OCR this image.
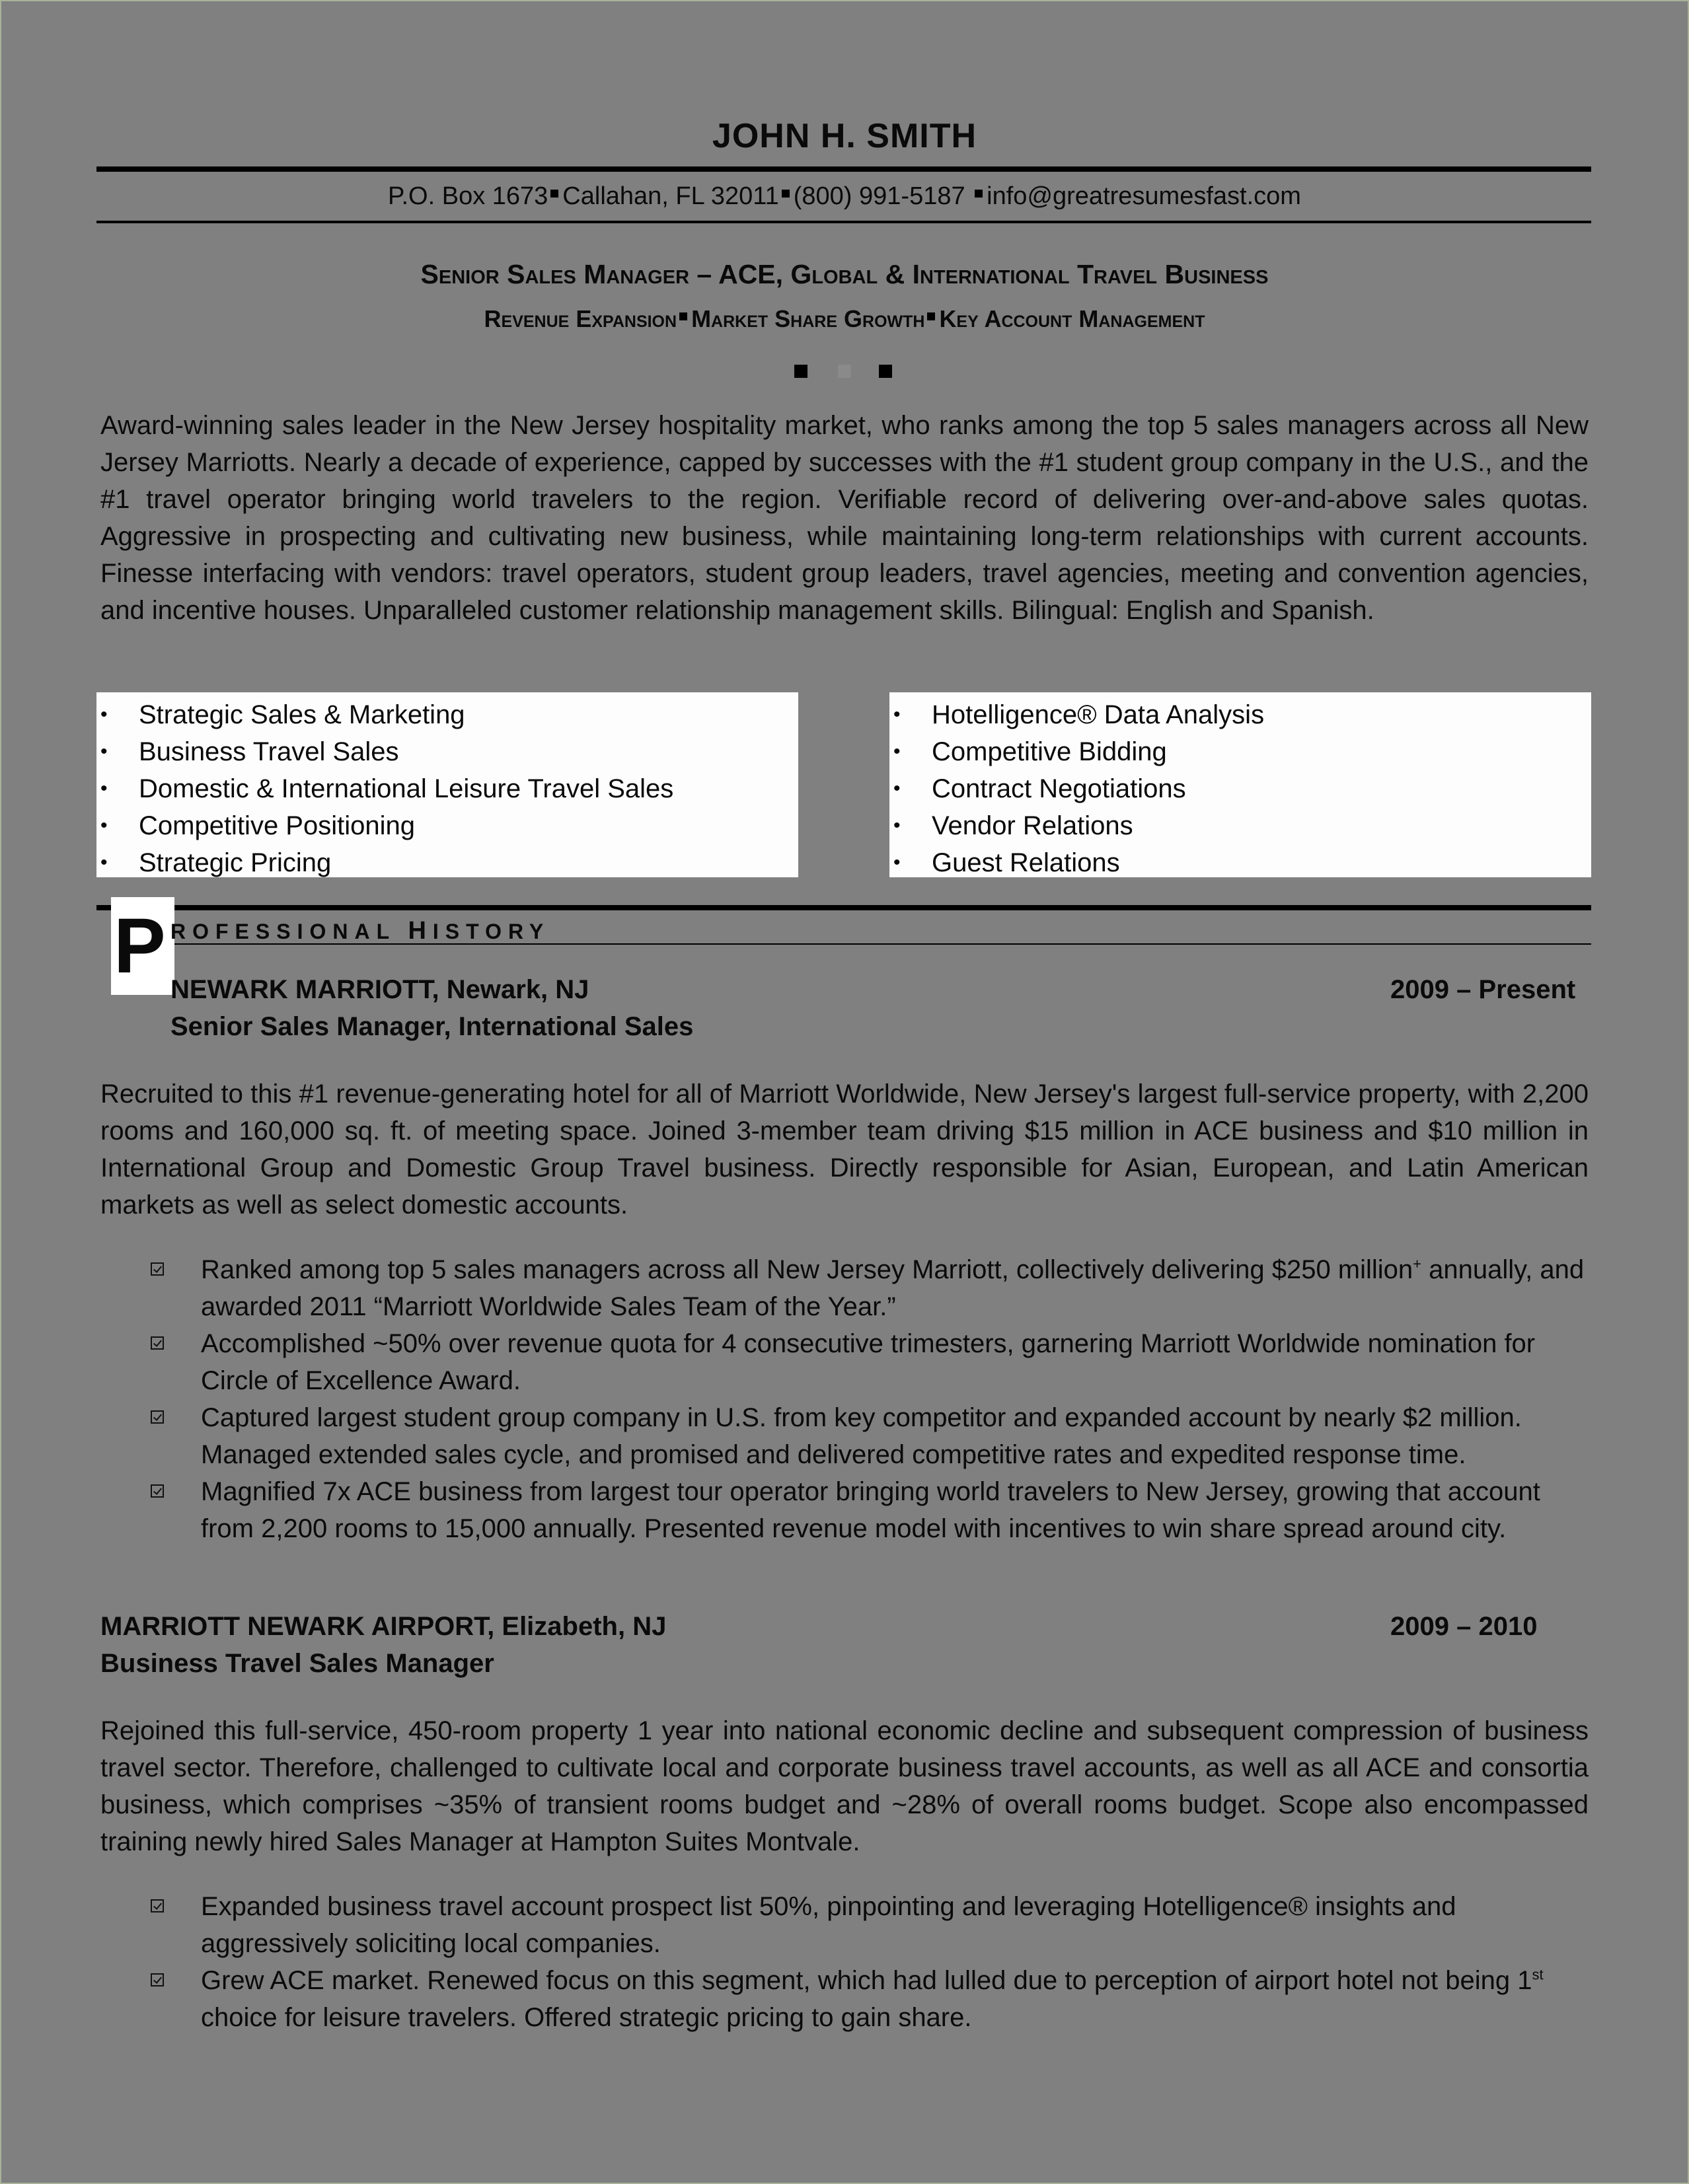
JOHN H. SMITH
P.O. Box 1673 Callahan, FL 32011 (800) 991-5187 info@greatresumesfast.com
Senior Sales Manager – ACE, Global & International Travel Business
Revenue Expansion Market Share Growth Key Account Management
Award-winning sales leader in the New Jersey hospitality market, who ranks among the top 5 sales managers across all New Jersey Marriotts. Nearly a decade of experience, capped by successes with the #1 student group company in the U.S., and the #1 travel operator bringing world travelers to the region. Verifiable record of delivering over-and-above sales quotas. Aggressive in prospecting and cultivating new business, while maintaining long-term relationships with current accounts. Finesse interfacing with vendors: travel operators, student group leaders, travel agencies, meeting and convention agencies, and incentive houses. Unparalleled customer relationship management skills. Bilingual: English and Spanish.
• Strategic Sales & Marketing
• Business Travel Sales
• Domestic & International Leisure Travel Sales
• Competitive Positioning
• Strategic Pricing
• Hotelligence® Data Analysis
• Competitive Bidding
• Contract Negotiations
• Vendor Relations
• Guest Relations
P ROFESSIONAL HISTORY
NEWARK MARRIOTT, Newark, NJ	2009 – Present
Senior Sales Manager, International Sales
Recruited to this #1 revenue-generating hotel for all of Marriott Worldwide, New Jersey's largest full-service property, with 2,200 rooms and 160,000 sq. ft. of meeting space. Joined 3-member team driving $15 million in ACE business and $10 million in International Group and Domestic Group Travel business. Directly responsible for Asian, European, and Latin American markets as well as select domestic accounts.
Ranked among top 5 sales managers across all New Jersey Marriott, collectively delivering $250 million+ annually, and awarded 2011 “Marriott Worldwide Sales Team of the Year.”
Accomplished ~50% over revenue quota for 4 consecutive trimesters, garnering Marriott Worldwide nomination for Circle of Excellence Award.
Captured largest student group company in U.S. from key competitor and expanded account by nearly $2 million. Managed extended sales cycle, and promised and delivered competitive rates and expedited response time.
Magnified 7x ACE business from largest tour operator bringing world travelers to New Jersey, growing that account from 2,200 rooms to 15,000 annually. Presented revenue model with incentives to win share spread around city.
MARRIOTT NEWARK AIRPORT, Elizabeth, NJ	2009 – 2010
Business Travel Sales Manager
Rejoined this full-service, 450-room property 1 year into national economic decline and subsequent compression of business travel sector. Therefore, challenged to cultivate local and corporate business travel accounts, as well as all ACE and consortia business, which comprises ~35% of transient rooms budget and ~28% of overall rooms budget. Scope also encompassed training newly hired Sales Manager at Hampton Suites Montvale.
Expanded business travel account prospect list 50%, pinpointing and leveraging Hotelligence® insights and aggressively soliciting local companies.
Grew ACE market. Renewed focus on this segment, which had lulled due to perception of airport hotel not being 1st choice for leisure travelers. Offered strategic pricing to gain share.
